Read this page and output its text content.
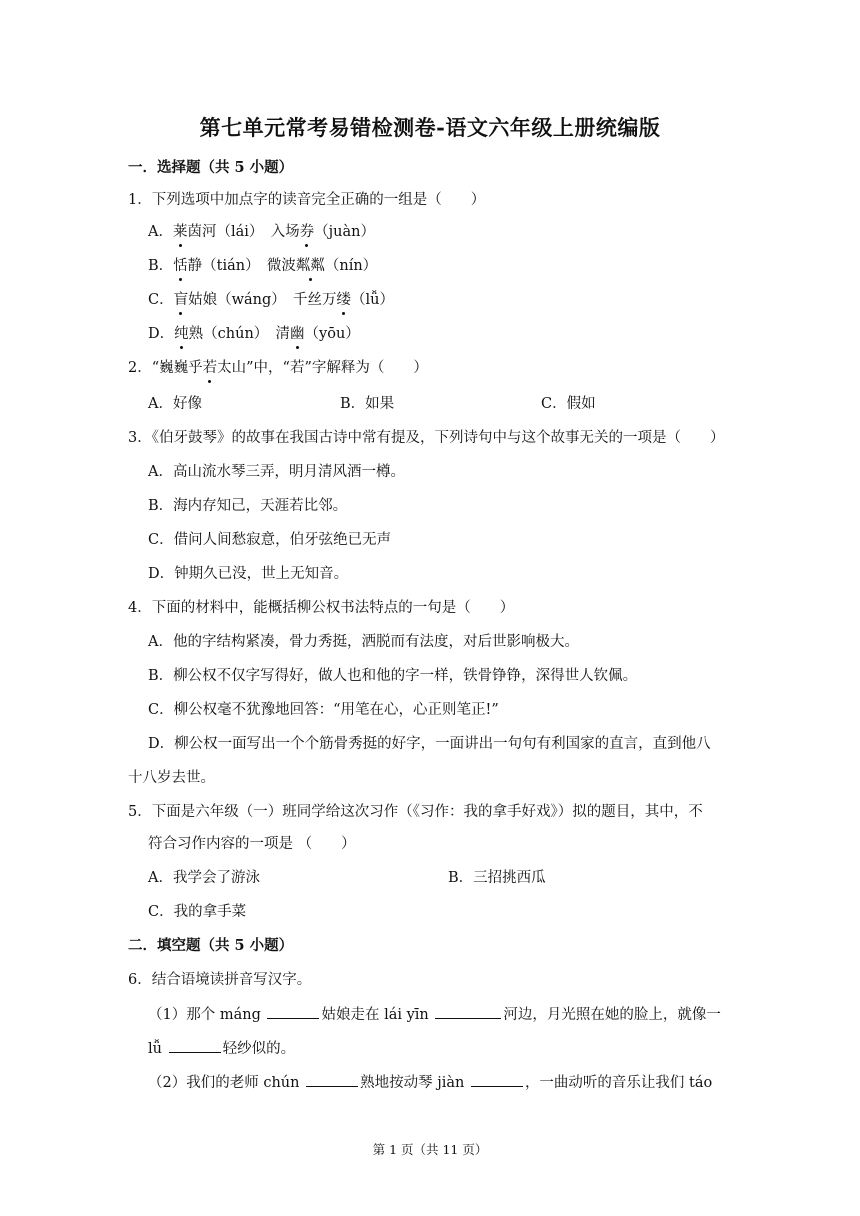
第七单元常考易错检测卷-语文六年级上册统编版
一．选择题（共 5 小题）
1．下列选项中加点字的读音完全正确的一组是（　　）
A．莱茵河（lái）　入场券（juàn）
B．恬静（tián）　微波粼粼（nín）
C．盲姑娘（wáng）　千丝万缕（lǚ）
D．纯熟（chún）　清幽（yōu）
2．“巍巍乎若太山”中，“若”字解释为（　　）
A．好像	B．如果	C．假如
3．《伯牙鼓琴》的故事在我国古诗中常有提及，下列诗句中与这个故事无关的一项是（　　）
A．高山流水琴三弄，明月清风酒一樽。
B．海内存知己，天涯若比邻。
C．借问人间愁寂意，伯牙弦绝已无声
D．钟期久已没，世上无知音。
4．下面的材料中，能概括柳公权书法特点的一句是（　　）
A．他的字结构紧凑，骨力秀挺，洒脱而有法度，对后世影响极大。
B．柳公权不仅字写得好，做人也和他的字一样，铁骨铮铮，深得世人钦佩。
C．柳公权毫不犹豫地回答：“用笔在心，心正则笔正!”
D．柳公权一面写出一个个筋骨秀挺的好字，一面讲出一句句有利国家的直言，直到他八
十八岁去世。
5．下面是六年级（一）班同学给这次习作（《习作：我的拿手好戏》）拟的题目，其中，不
符合习作内容的一项是 （　　）
A．我学会了游泳	B．三招挑西瓜
C．我的拿手菜
二．填空题（共 5 小题）
6．结合语境读拼音写汉字。
（1）那个 máng	姑娘走在 lái yīn	河边，月光照在她的脸上，就像一
lǚ	轻纱似的。
（2）我们的老师 chún	熟地按动琴 jiàn	，一曲动听的音乐让我们 táo
第 1 页（共 11 页）
